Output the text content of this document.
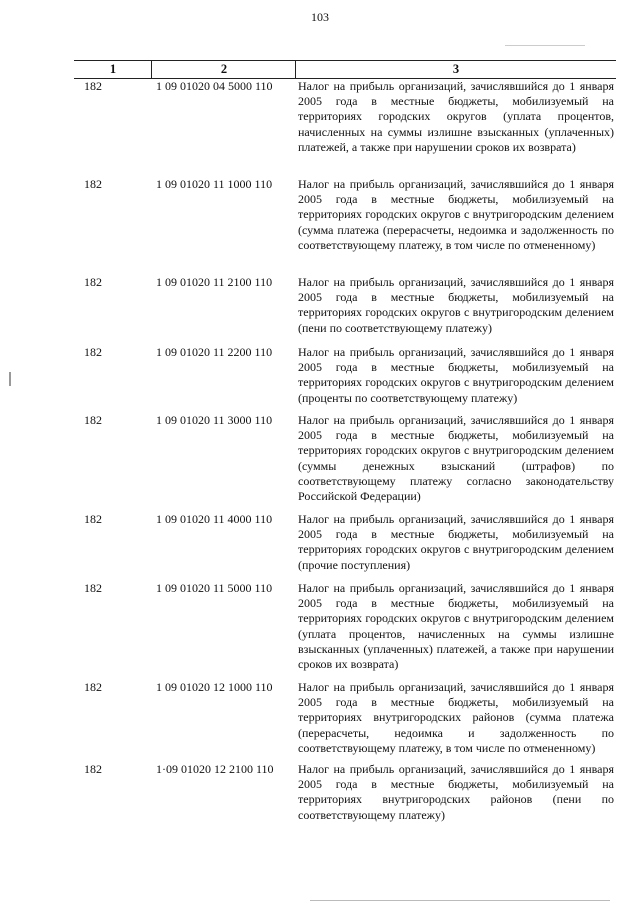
103
1	2	3
182	1 09 01020 04 5000 110	Налог на прибыль организаций, зачислявшийся до 1 января 2005 года в местные бюджеты, мобилизуемый на территориях городских округов (уплата процентов, начисленных на суммы излишне взысканных (уплаченных) платежей, а также при нарушении сроков их возврата)
182	1 09 01020 11 1000 110	Налог на прибыль организаций, зачислявшийся до 1 января 2005 года в местные бюджеты, мобилизуемый на территориях городских округов с внутригородским делением (сумма платежа (перерасчеты, недоимка и задолженность по соответствующему платежу, в том числе по отмененному)
182	1 09 01020 11 2100 110	Налог на прибыль организаций, зачислявшийся до 1 января 2005 года в местные бюджеты, мобилизуемый на территориях городских округов с внутригородским делением (пени по соответствующему платежу)
182	1 09 01020 11 2200 110	Налог на прибыль организаций, зачислявшийся до 1 января 2005 года в местные бюджеты, мобилизуемый на территориях городских округов с внутригородским делением (проценты по соответствующему платежу)
182	1 09 01020 11 3000 110	Налог на прибыль организаций, зачислявшийся до 1 января 2005 года в местные бюджеты, мобилизуемый на территориях городских округов с внутригородским делением (суммы денежных взысканий (штрафов) по соответствующему платежу согласно законодательству Российской Федерации)
182	1 09 01020 11 4000 110	Налог на прибыль организаций, зачислявшийся до 1 января 2005 года в местные бюджеты, мобилизуемый на территориях городских округов с внутригородским делением (прочие поступления)
182	1 09 01020 11 5000 110	Налог на прибыль организаций, зачислявшийся до 1 января 2005 года в местные бюджеты, мобилизуемый на территориях городских округов с внутригородским делением (уплата процентов, начисленных на суммы излишне взысканных (уплаченных) платежей, а также при нарушении сроков их возврата)
182	1 09 01020 12 1000 110	Налог на прибыль организаций, зачислявшийся до 1 января 2005 года в местные бюджеты, мобилизуемый на территориях внутригородских районов (сумма платежа (перерасчеты, недоимка и задолженность по соответствующему платежу, в том числе по отмененному)
182	1·09 01020 12 2100 110	Налог на прибыль организаций, зачислявшийся до 1 января 2005 года в местные бюджеты, мобилизуемый на территориях внутригородских районов (пени по соответствующему платежу)
